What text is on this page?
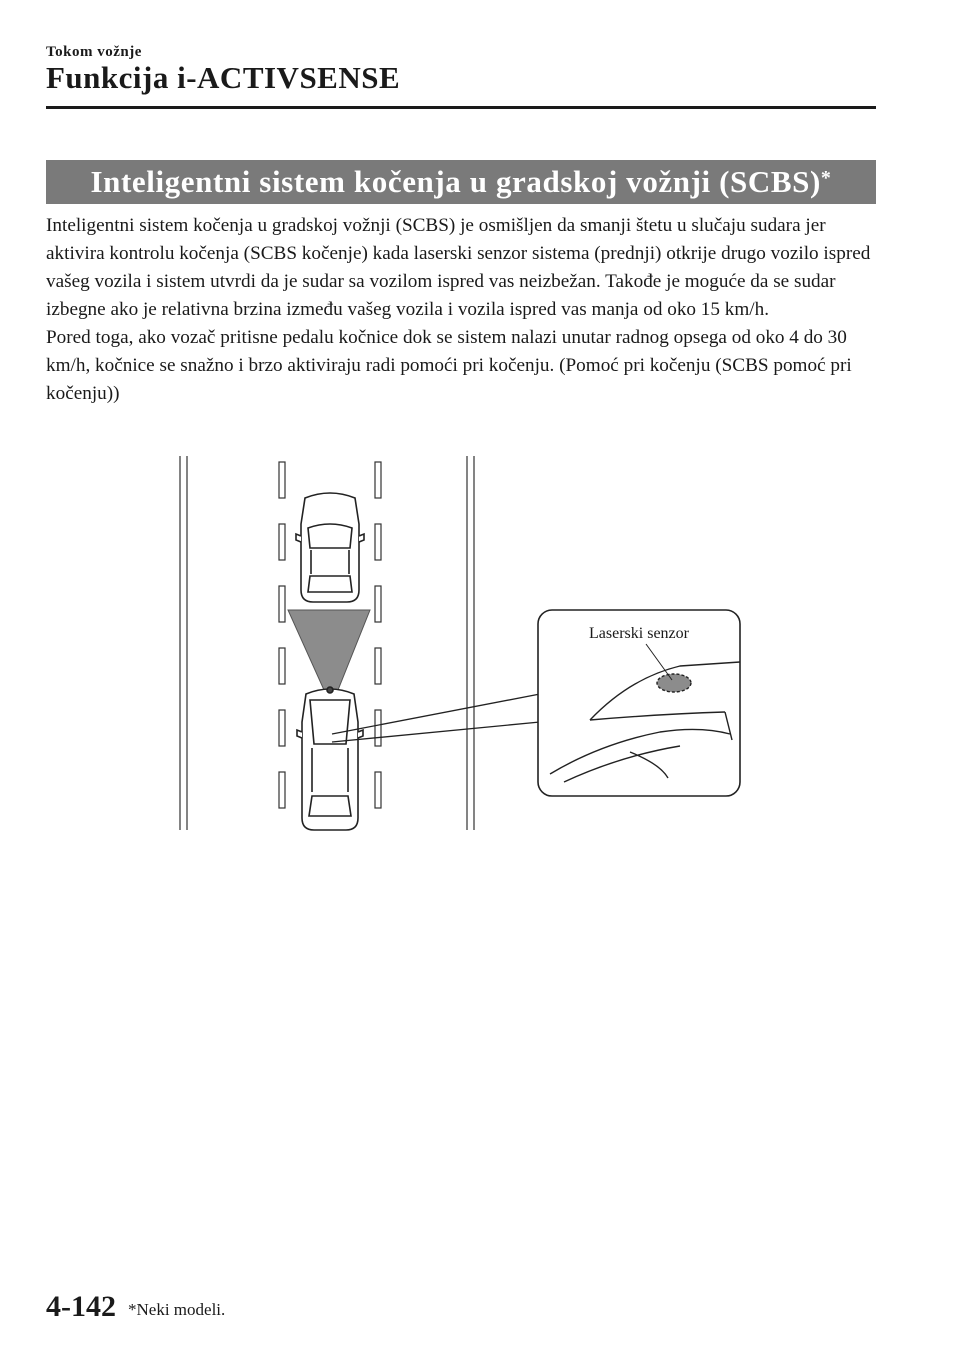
Tokom vožnje
Funkcija i-ACTIVSENSE
Inteligentni sistem kočenja u gradskoj vožnji (SCBS)*

Inteligentni sistem kočenja u gradskoj vožnji (SCBS) je osmišljen da smanji štetu u slučaju sudara jer aktivira kontrolu kočenja (SCBS kočenje) kada laserski senzor sistema (prednji) otkrije drugo vozilo ispred vašeg vozila i sistem utvrdi da je sudar sa vozilom ispred vas neizbežan. Takođe je moguće da se sudar izbegne ako je relativna brzina između vašeg vozila i vozila ispred vas manja od oko 15 km/h.

Pored toga, ako vozač pritisne pedalu kočnice dok se sistem nalazi unutar radnog opsega od oko 4 do 30 km/h, kočnice se snažno i brzo aktiviraju radi pomoći pri kočenju. (Pomoć pri kočenju (SCBS pomoć pri kočenju))

Laserski senzor
4-142 *Neki modeli.
